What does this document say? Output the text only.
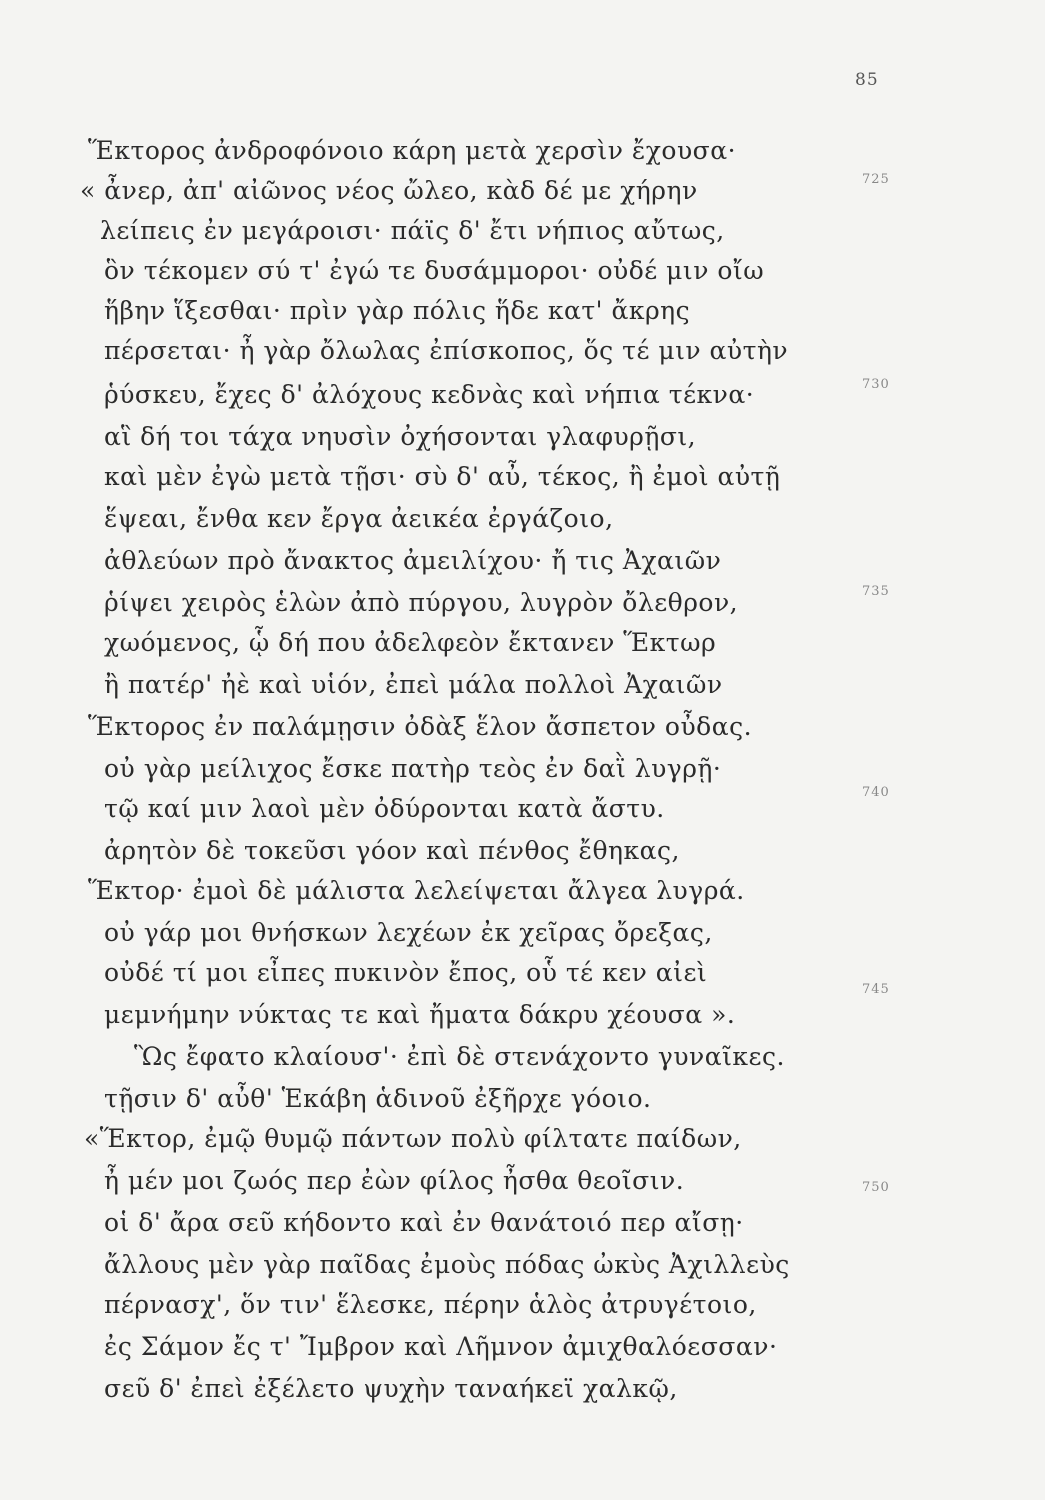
85
Ἕκτορος ἀνδροφόνοιο κάρη μετὰ χερσὶν ἔχουσα·
« ἆνερ, ἀπ' αἰῶνος νέος ὤλεο, κὰδ δέ με χήρην
λείπεις ἐν μεγάροισι· πάϊς δ' ἔτι νήπιος αὔτως,
ὃν τέκομεν σύ τ' ἐγώ τε δυσάμμοροι· οὐδέ μιν οἴω
ἥβην ἵξεσθαι· πρὶν γὰρ πόλις ἥδε κατ' ἄκρης
πέρσεται· ἦ γὰρ ὄλωλας ἐπίσκοπος, ὅς τέ μιν αὐτὴν
ῥύσκευ, ἔχες δ' ἀλόχους κεδνὰς καὶ νήπια τέκνα·
αἳ δή τοι τάχα νηυσὶν ὀχήσονται γλαφυρῇσι,
καὶ μὲν ἐγὼ μετὰ τῇσι· σὺ δ' αὖ, τέκος, ἢ ἐμοὶ αὐτῇ
ἕψεαι, ἔνθα κεν ἔργα ἀεικέα ἐργάζοιο,
ἀθλεύων πρὸ ἄνακτος ἀμειλίχου· ἤ τις Ἀχαιῶν
ῥίψει χειρὸς ἑλὼν ἀπὸ πύργου, λυγρὸν ὄλεθρον,
χωόμενος, ᾧ δή που ἀδελφεὸν ἔκτανεν Ἕκτωρ
ἢ πατέρ' ἠὲ καὶ υἱόν, ἐπεὶ μάλα πολλοὶ Ἀχαιῶν
Ἕκτορος ἐν παλάμῃσιν ὀδὰξ ἕλον ἄσπετον οὖδας.
οὐ γὰρ μείλιχος ἔσκε πατὴρ τεὸς ἐν δαῒ λυγρῇ·
τῷ καί μιν λαοὶ μὲν ὀδύρονται κατὰ ἄστυ.
ἀρητὸν δὲ τοκεῦσι γόον καὶ πένθος ἔθηκας,
Ἕκτορ· ἐμοὶ δὲ μάλιστα λελείψεται ἄλγεα λυγρά.
οὐ γάρ μοι θνήσκων λεχέων ἐκ χεῖρας ὄρεξας,
οὐδέ τί μοι εἶπες πυκινὸν ἔπος, οὗ τέ κεν αἰεὶ
μεμνήμην νύκτας τε καὶ ἤματα δάκρυ χέουσα ».
Ὣς ἔφατο κλαίουσ'· ἐπὶ δὲ στενάχοντο γυναῖκες.
τῇσιν δ' αὖθ' Ἑκάβη ἁδινοῦ ἐξῆρχε γόοιο.
«Ἕκτορ, ἐμῷ θυμῷ πάντων πολὺ φίλτατε παίδων,
ἦ μέν μοι ζωός περ ἐὼν φίλος ἦσθα θεοῖσιν.
οἱ δ' ἄρα σεῦ κήδοντο καὶ ἐν θανάτοιό περ αἴσῃ·
ἄλλους μὲν γὰρ παῖδας ἐμοὺς πόδας ὠκὺς Ἀχιλλεὺς
πέρνασχ', ὅν τιν' ἕλεσκε, πέρην ἁλὸς ἀτρυγέτοιο,
ἐς Σάμον ἔς τ' Ἴμβρον καὶ Λῆμνον ἀμιχθαλόεσσαν·
σεῦ δ' ἐπεὶ ἐξέλετο ψυχὴν ταναήκεϊ χαλκῷ,
725
730
735
740
745
750
